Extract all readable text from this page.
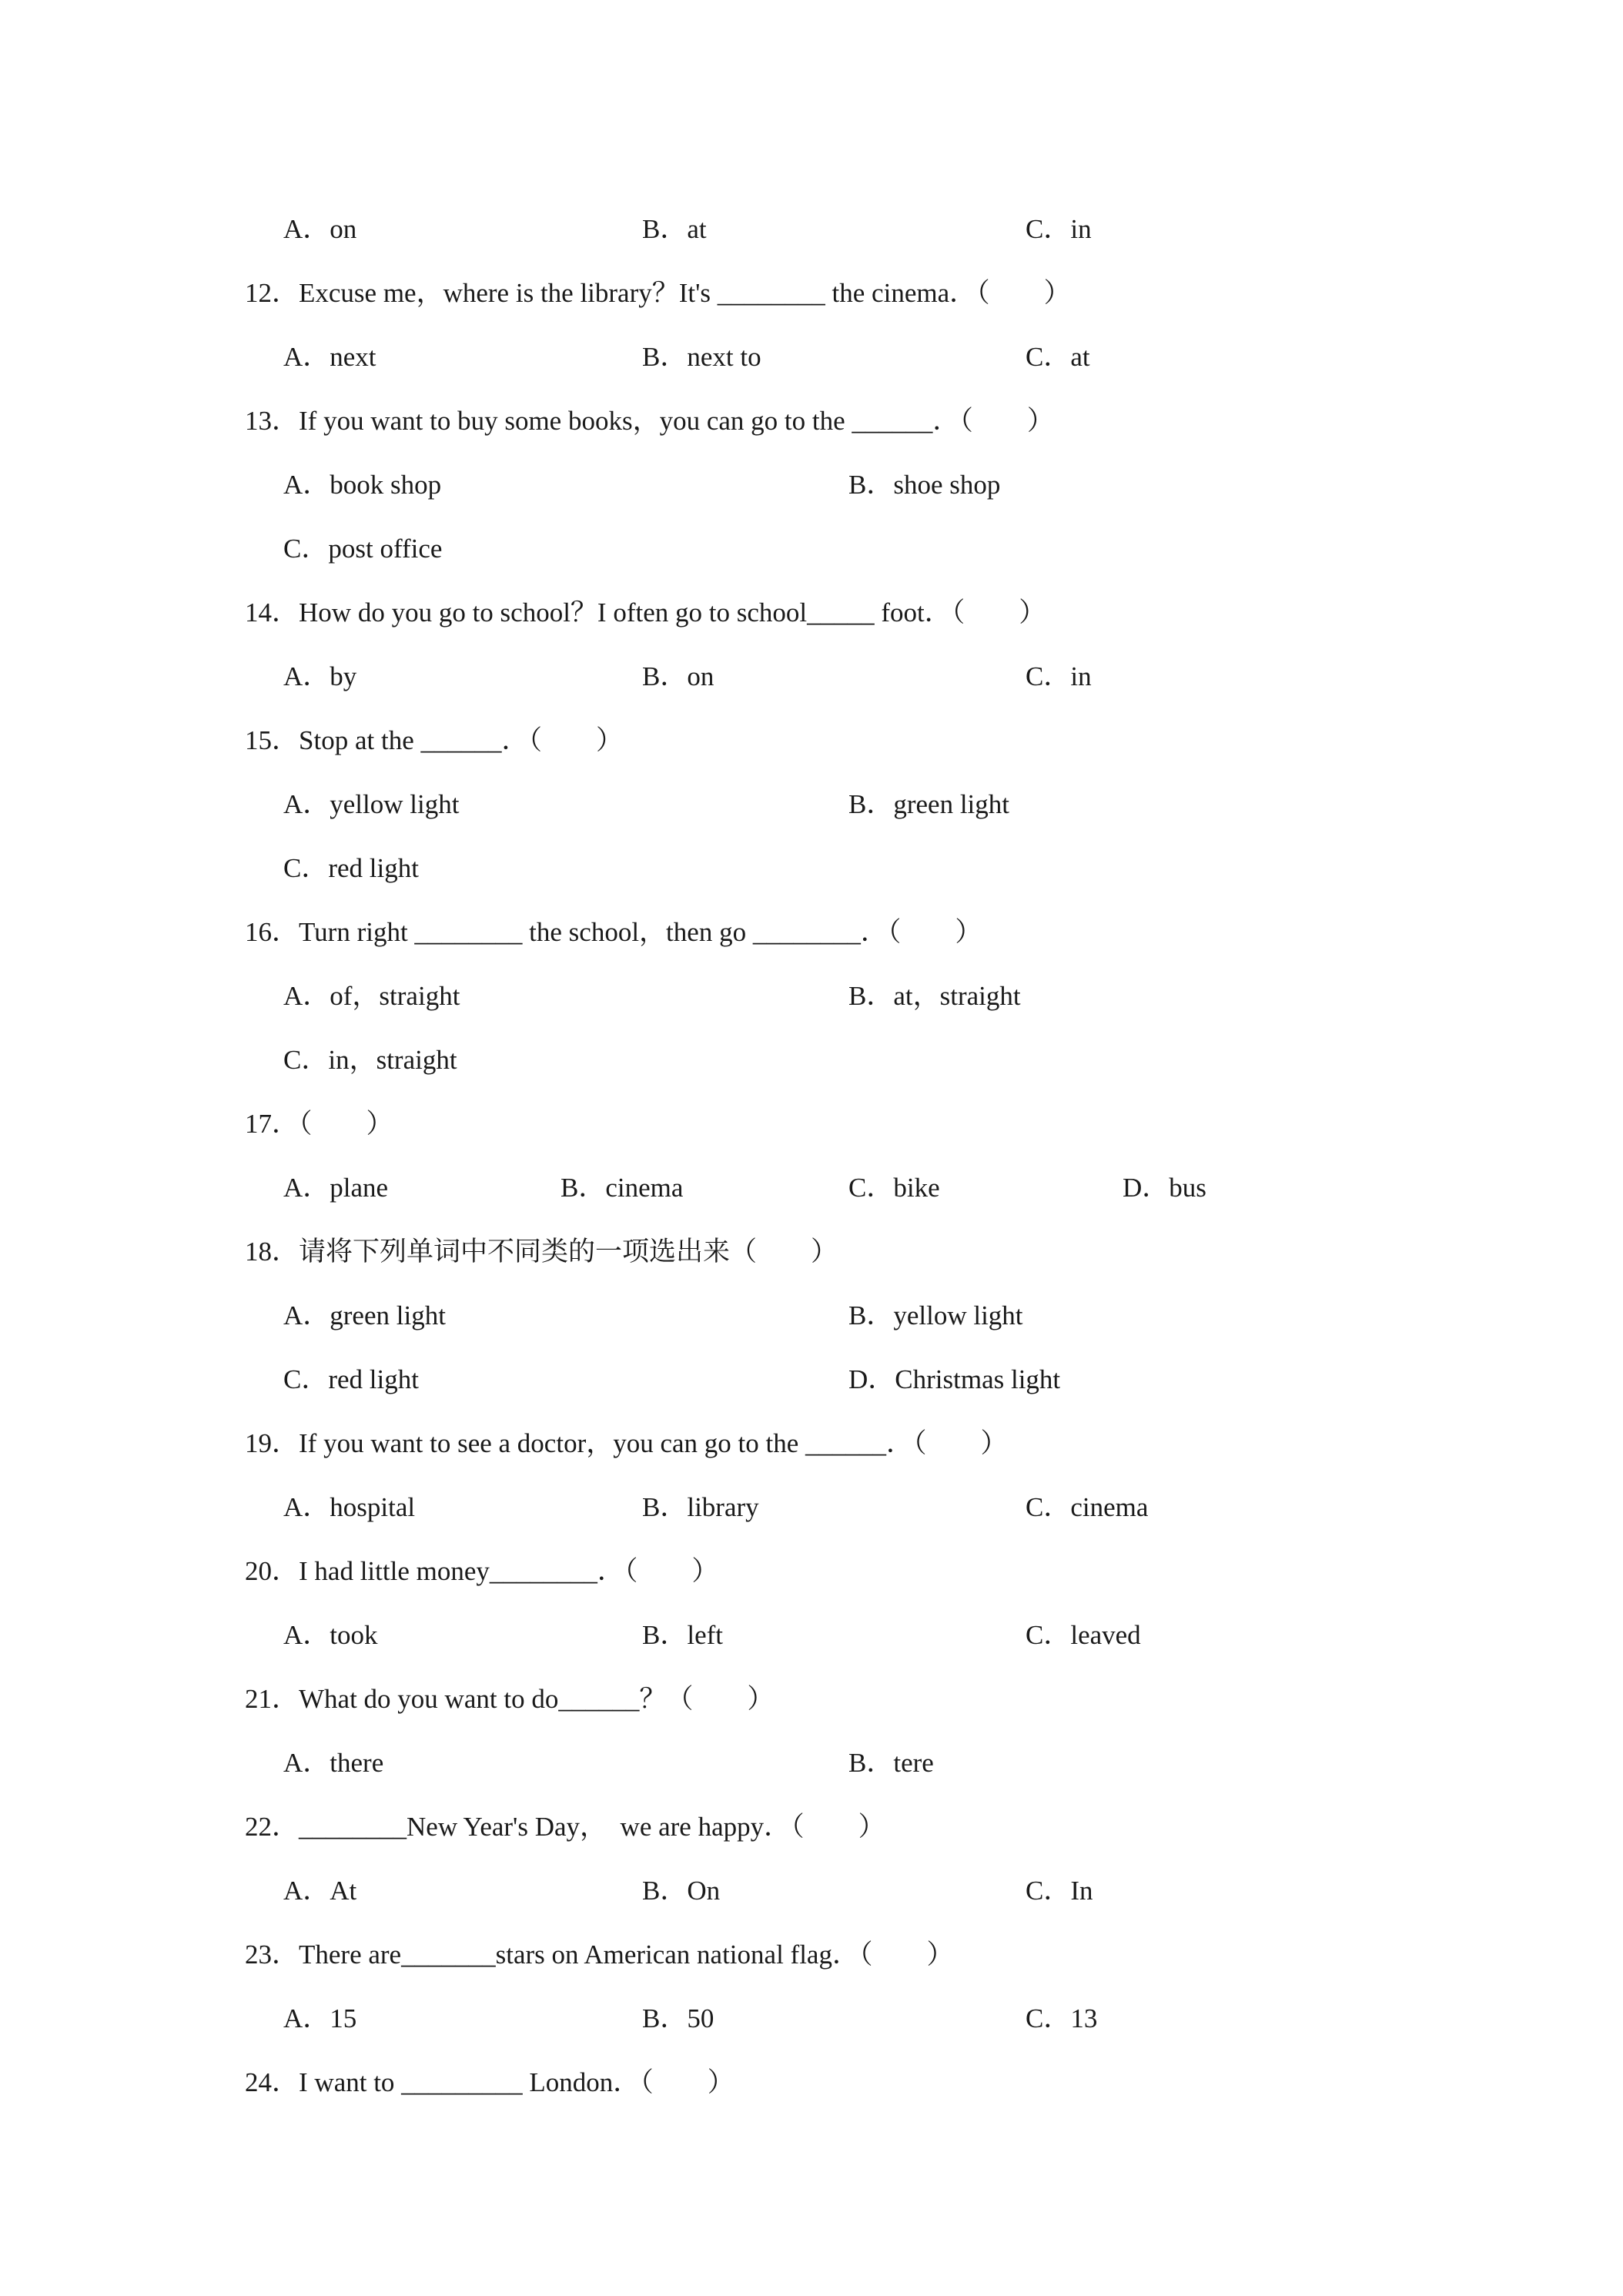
A．on	B．at	C．in
12．Excuse me，where is the library？It's ________ the cinema．（　　）
A．next	B．next to	C．at
13．If you want to buy some books，you can go to the ______．（　　）
A．book shop	B．shoe shop
C．post office
14．How do you go to school？I often go to school_____ foot．（　　）
A．by	B．on	C．in
15．Stop at the ______．（　　）
A．yellow light	B．green light
C．red light
16．Turn right ________ the school，then go ________．（　　）
A．of，straight	B．at，straight
C．in，straight
17．（　　）
A．plane	B．cinema	C．bike	D．bus
18．请将下列单词中不同类的一项选出来（　　）
A．green light	B．yellow light
C．red light	D．Christmas light
19．If you want to see a doctor，you can go to the ______．（　　）
A．hospital	B．library	C．cinema
20．I had little money________．（　　）
A．took	B．left	C．leaved
21．What do you want to do______？（　　）
A．there	B．tere
22．________New Year's Day，　we are happy．（　　）
A．At	B．On	C．In
23．There are_______stars on American national flag．（　　）
A．15	B．50	C．13
24．I want to _________ London．（　　）
